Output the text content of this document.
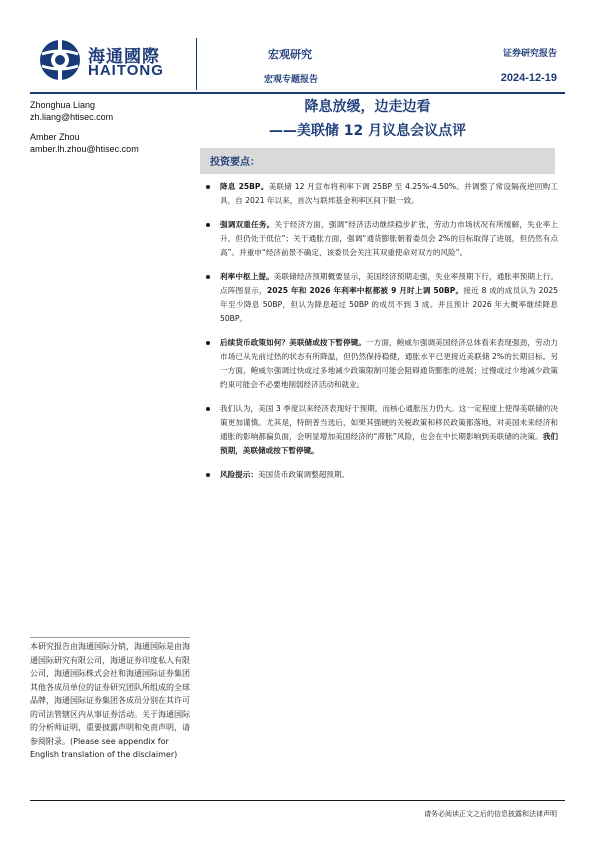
海通國際
HAITONG
宏观研究
宏观专题报告
证券研究报告
2024-12-19
Zhonghua Liang
zh.liang@htisec.com
Amber Zhou
amber.lh.zhou@htisec.com
降息放缓，边走边看
——美联储 12 月议息会议点评
投资要点：
降息 25BP。美联储 12 月宣布将利率下调 25BP 至 4.25%-4.50%。并调整了常设隔夜逆回购工具，自 2021 年以来，首次与联邦基金利率区间下限一致。
强调双重任务。关于经济方面，强调“经济活动继续稳步扩张，劳动力市场状况有所缓解，失业率上升，但仍处于低位”；关于通胀方面，强调“通货膨胀朝着委员会 2%的目标取得了进展，但仍然有点高”。并重申“经济前景不确定，该委员会关注其双重使命对双方的风险”。
利率中枢上提。美联储经济预期概要显示，美国经济预期走强，失业率预期下行，通胀率预期上行。点阵图显示，2025 年和 2026 年利率中枢都被 9 月时上调 50BP。接近 8 成的成员认为 2025 年至少降息 50BP，但认为降息超过 50BP 的成员不到 3 成。并且预计 2026 年大概率继续降息 50BP。
后续货币政策如何？美联储或按下暂停键。一方面，鲍威尔强调美国经济总体看来表现强劲，劳动力市场已从先前过热的状态有所降温，但仍然保持稳健，通胀水平已更接近美联储 2%的长期目标。另一方面，鲍威尔强调过快或过多地减少政策限制可能会阻碍通货膨胀的进展；过慢或过少地减少政策约束可能会不必要地削弱经济活动和就业。
我们认为，美国 3 季度以来经济表现好于预期，而核心通胀压力仍大。这一定程度上使得美联储的决策更加谨慎。尤其是，特朗普当选后，如果其强硬的关税政策和移民政策都落地，对美国未来经济和通胀的影响都偏负面，会明显增加美国经济的“滞胀”风险，也会在中长期影响到美联储的决策。我们预期，美联储或按下暂停键。
风险提示：美国货币政策调整超预期。
本研究报告由海通国际分销，海通国际是由海通国际研究有限公司，海通证券印度私人有限公司，海通国际株式会社和海通国际证券集团其他各成员单位的证券研究团队所组成的全球品牌，海通国际证券集团各成员分别在其许可的司法管辖区内从事证券活动。关于海通国际的分析师证明，重要披露声明和免责声明，请参阅附录。(Please see appendix for English translation of the disclaimer)
请务必阅读正文之后的信息披露和法律声明
